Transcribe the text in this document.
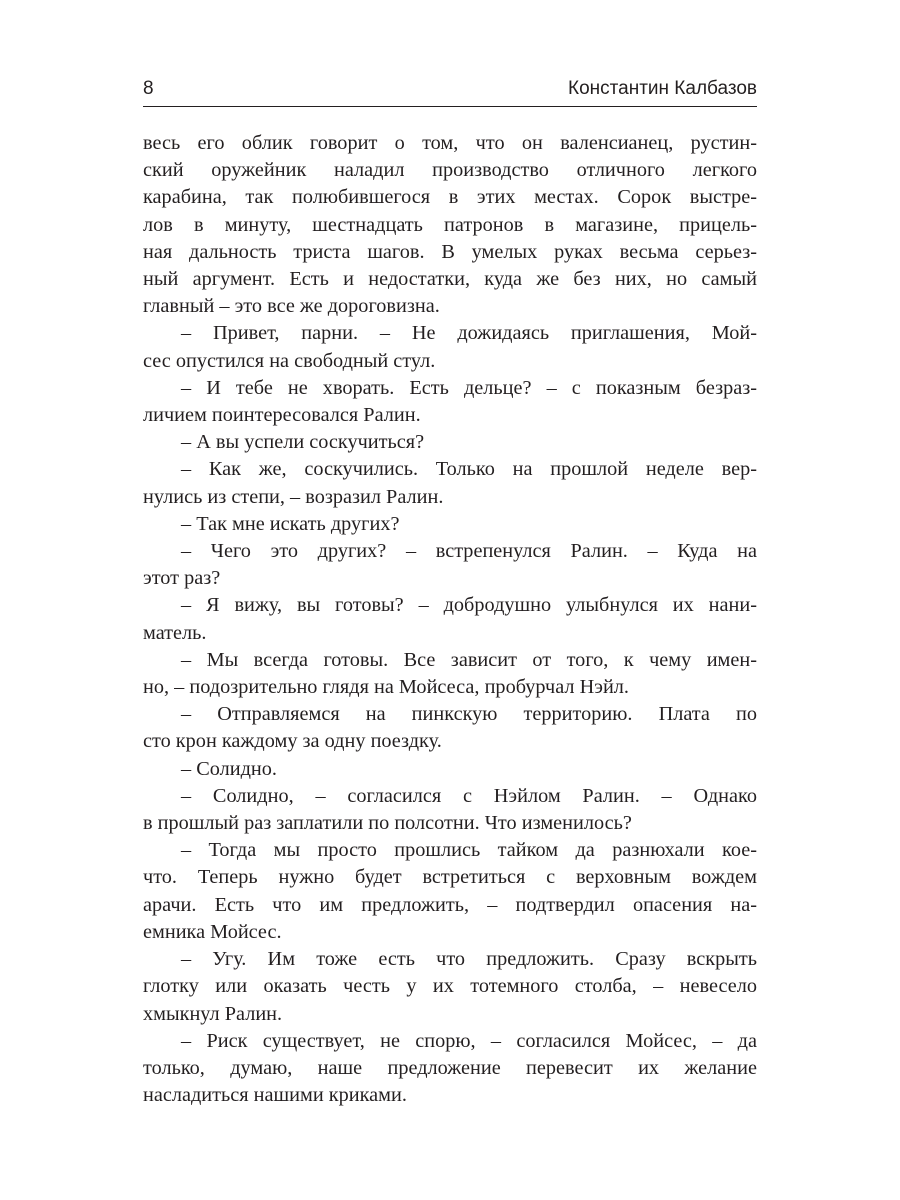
8	Константин Калбазов

весь его облик говорит о том, что он валенсианец, рустин-

ский оружейник наладил производство отличного легкого

карабина, так полюбившегося в этих местах. Сорок выстре-

лов в минуту, шестнадцать патронов в магазине, прицель-

ная дальность триста шагов. В умелых руках весьма серьез-

ный аргумент. Есть и недостатки, куда же без них, но самый

главный – это все же дороговизна.

– Привет, парни. – Не дожидаясь приглашения, Мой-

сес опустился на свободный стул.

– И тебе не хворать. Есть дельце? – с показным безраз-

личием поинтересовался Ралин.

– А вы успели соскучиться?

– Как же, соскучились. Только на прошлой неделе вер-

нулись из степи, – возразил Ралин.

– Так мне искать других?

– Чего это других? – встрепенулся Ралин. – Куда на

этот раз?

– Я вижу, вы готовы? – добродушно улыбнулся их нани-

матель.

– Мы всегда готовы. Все зависит от того, к чему имен-

но, – подозрительно глядя на Мойсеса, пробурчал Нэйл.

– Отправляемся на пинкскую территорию. Плата по

сто крон каждому за одну поездку.

– Солидно.

– Солидно, – согласился с Нэйлом Ралин. – Однако

в прошлый раз заплатили по полсотни. Что изменилось?

– Тогда мы просто прошлись тайком да разнюхали кое-

что. Теперь нужно будет встретиться с верховным вождем

арачи. Есть что им предложить, – подтвердил опасения на-

емника Мойсес.

– Угу. Им тоже есть что предложить. Сразу вскрыть

глотку или оказать честь у их тотемного столба, – невесело

хмыкнул Ралин.

– Риск существует, не спорю, – согласился Мойсес, – да

только, думаю, наше предложение перевесит их желание

насладиться нашими криками.
